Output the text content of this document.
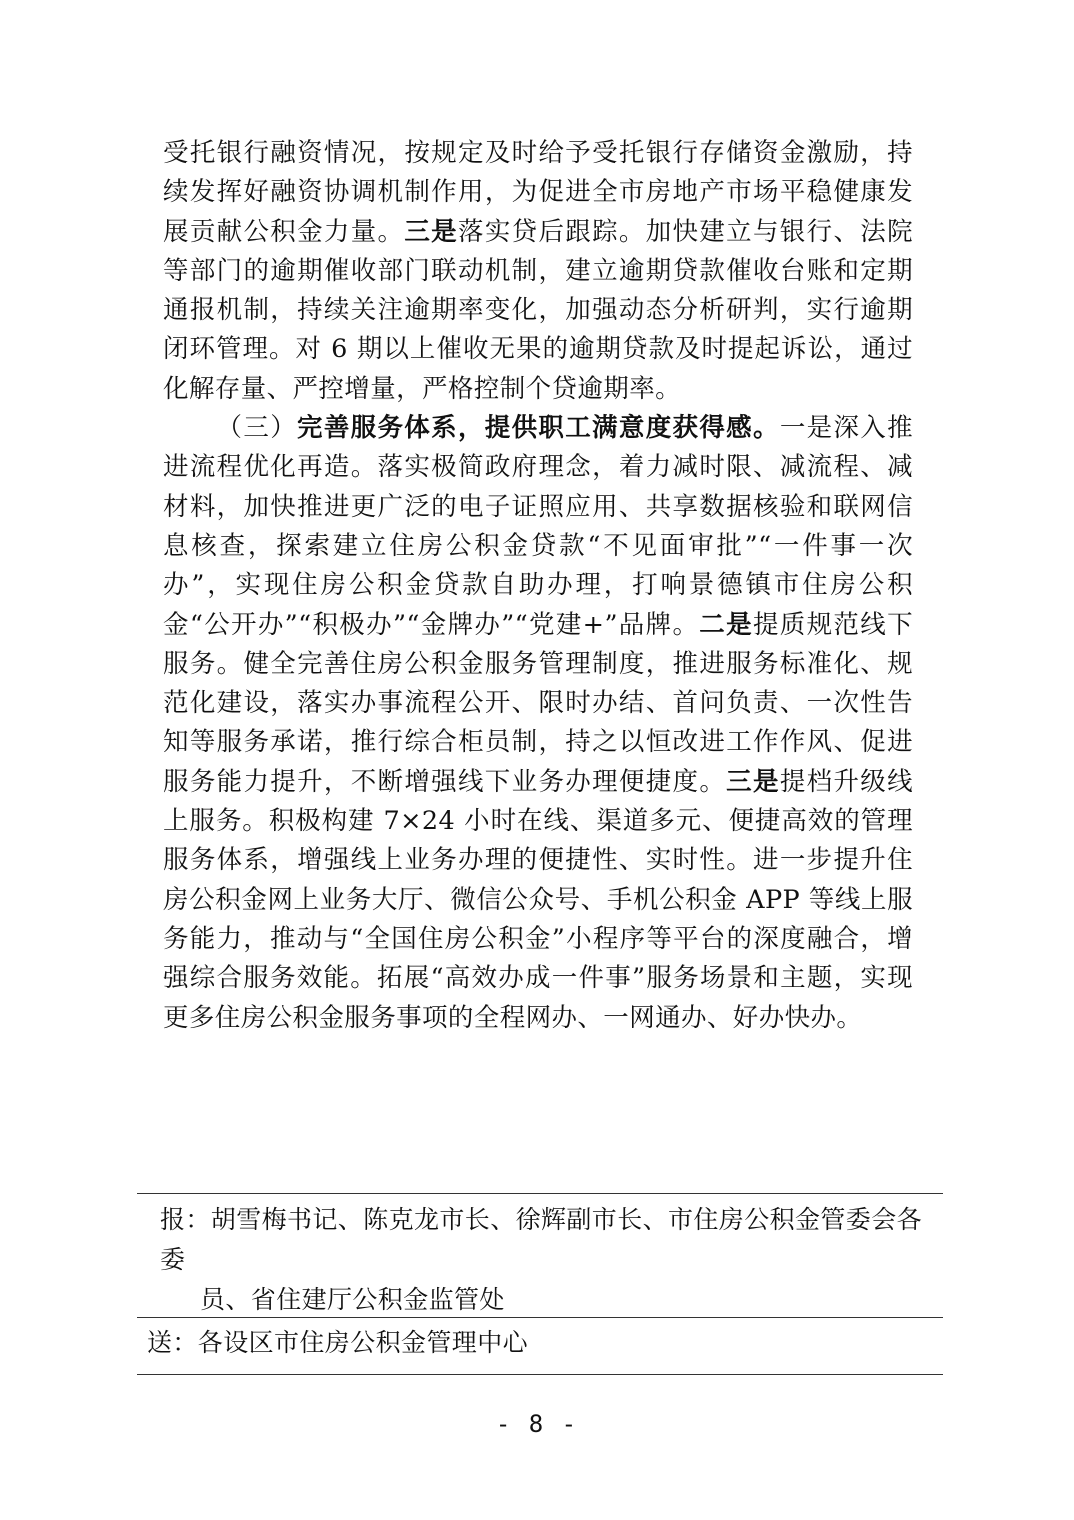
受托银行融资情况，按规定及时给予受托银行存储资金激励，持续发挥好融资协调机制作用，为促进全市房地产市场平稳健康发展贡献公积金力量。三是落实贷后跟踪。加快建立与银行、法院等部门的逾期催收部门联动机制，建立逾期贷款催收台账和定期通报机制，持续关注逾期率变化，加强动态分析研判，实行逾期闭环管理。对 6 期以上催收无果的逾期贷款及时提起诉讼，通过化解存量、严控增量，严格控制个贷逾期率。

（三）完善服务体系，提供职工满意度获得感。一是深入推进流程优化再造。落实极简政府理念，着力减时限、减流程、减材料，加快推进更广泛的电子证照应用、共享数据核验和联网信息核查，探索建立住房公积金贷款“不见面审批”“一件事一次办”，实现住房公积金贷款自助办理，打响景德镇市住房公积金“公开办”“积极办”“金牌办”“党建+”品牌。二是提质规范线下服务。健全完善住房公积金服务管理制度，推进服务标准化、规范化建设，落实办事流程公开、限时办结、首问负责、一次性告知等服务承诺，推行综合柜员制，持之以恒改进工作作风、促进服务能力提升，不断增强线下业务办理便捷度。三是提档升级线上服务。积极构建 7×24 小时在线、渠道多元、便捷高效的管理服务体系，增强线上业务办理的便捷性、实时性。进一步提升住房公积金网上业务大厅、微信公众号、手机公积金 APP 等线上服务能力，推动与“全国住房公积金”小程序等平台的深度融合，增强综合服务效能。拓展“高效办成一件事”服务场景和主题，实现更多住房公积金服务事项的全程网办、一网通办、好办快办。

报：胡雪梅书记、陈克龙市长、徐辉副市长、市住房公积金管委会各委
员、省住建厅公积金监管处
送：各设区市住房公积金管理中心
- 8 -
